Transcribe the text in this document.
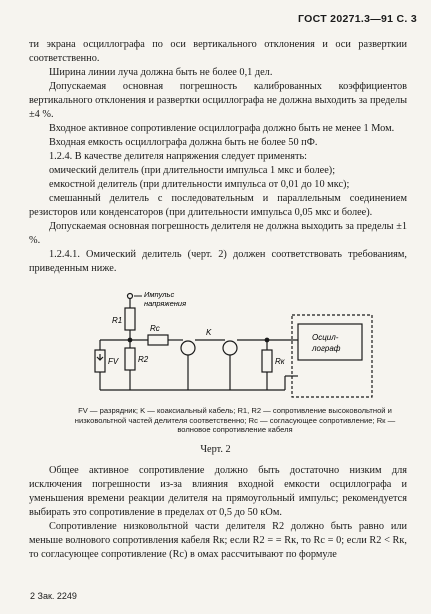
ГОСТ 20271.3—91 С. 3

ти экрана осциллографа по оси вертикального отклонения и оси разверткии соответственно.

Ширина линии луча должна быть не более 0,1 дел.

Допускаемая основная погрешность калиброванных коэффициентов вертикального отклонения и развертки осциллографа не должна выходить за пределы ±4 %.

Входное активное сопротивление осциллографа должно быть не менее 1 Мом.

Входная емкость осциллографа должна быть не более 50 пФ.

1.2.4. В качестве делителя напряжения следует применять:

омический делитель (при длительности импульса 1 мкс и более);

емкостной делитель (при длительности импульса от 0,01 до 10 мкс);

смешанный делитель с последовательным и параллельным соединением резисторов или конденсаторов (при длительности импульса 0,05 мкс и более).

Допускаемая основная погрешность делителя не должна выходить за пределы ±1 %.

1.2.4.1. Омический делитель (черт. 2) должен соответствовать требованиям, приведенным ниже.

Импульс
напряжения
R1
Rc	K
R2
FV	Rк
Осцил-
лограф
FV — разрядник; K — коаксиальный кабель; R1, R2 — сопротивление высоковольтной и низковольтной частей делителя соответственно; Rc — согласующее сопротивление; Rк — волновое сопротивление кабеля
Черт. 2

Общее активное сопротивление должно быть достаточно низким для исключения погрешности из-за влияния входной емкости осциллографа и уменьшения времени реакции делителя на прямоугольный импульс; рекомендуется выбирать это сопротивление в пределах от 0,5 до 50 кОм.

Сопротивление низковольтной части делителя R2 должно быть равно или меньше волнового сопротивления кабеля Rк; если R2 = = Rк, то Rс = 0; если R2 < Rк, то согласующее сопротивление (Rс) в омах рассчитывают по формуле

2 Зак. 2249
